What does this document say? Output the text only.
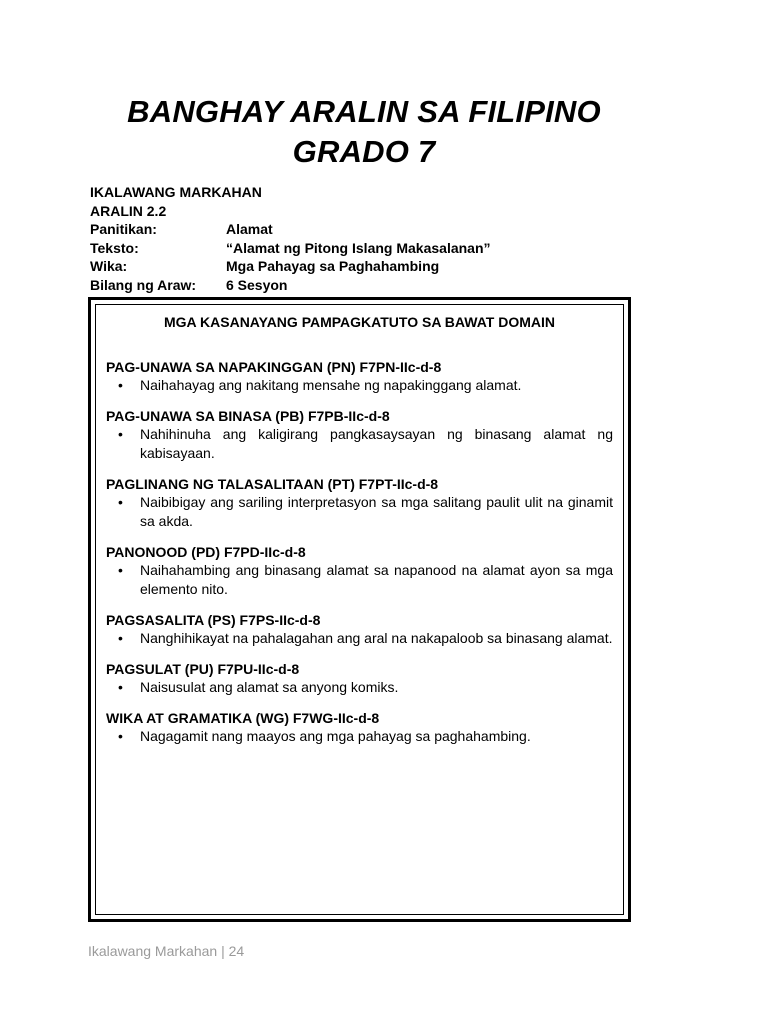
BANGHAY ARALIN SA FILIPINO
GRADO 7
IKALAWANG MARKAHAN
ARALIN 2.2
Panitikan:	Alamat
Teksto:	“Alamat ng Pitong Islang Makasalanan”
Wika:	Mga Pahayag sa Paghahambing
Bilang ng Araw:	6 Sesyon
MGA KASANAYANG PAMPAGKATUTO SA BAWAT DOMAIN
PAG-UNAWA SA NAPAKINGGAN (PN) F7PN-IIc-d-8
• Naihahayag ang nakitang mensahe ng napakinggang alamat.
PAG-UNAWA SA BINASA (PB) F7PB-IIc-d-8
• Nahihinuha ang kaligirang pangkasaysayan ng binasang alamat ng kabisayaan.
PAGLINANG NG TALASALITAAN (PT) F7PT-IIc-d-8
• Naibibigay ang sariling interpretasyon sa mga salitang paulit ulit na ginamit sa akda.
PANONOOD (PD) F7PD-IIc-d-8
• Naihahambing ang binasang alamat sa napanood na alamat ayon sa mga elemento nito.
PAGSASALITA (PS) F7PS-IIc-d-8
• Nanghihikayat na pahalagahan ang aral na nakapaloob sa binasang alamat.
PAGSULAT (PU) F7PU-IIc-d-8
• Naisusulat ang alamat sa anyong komiks.
WIKA AT GRAMATIKA (WG) F7WG-IIc-d-8
• Nagagamit nang maayos ang mga pahayag sa paghahambing.
Ikalawang Markahan | 24
